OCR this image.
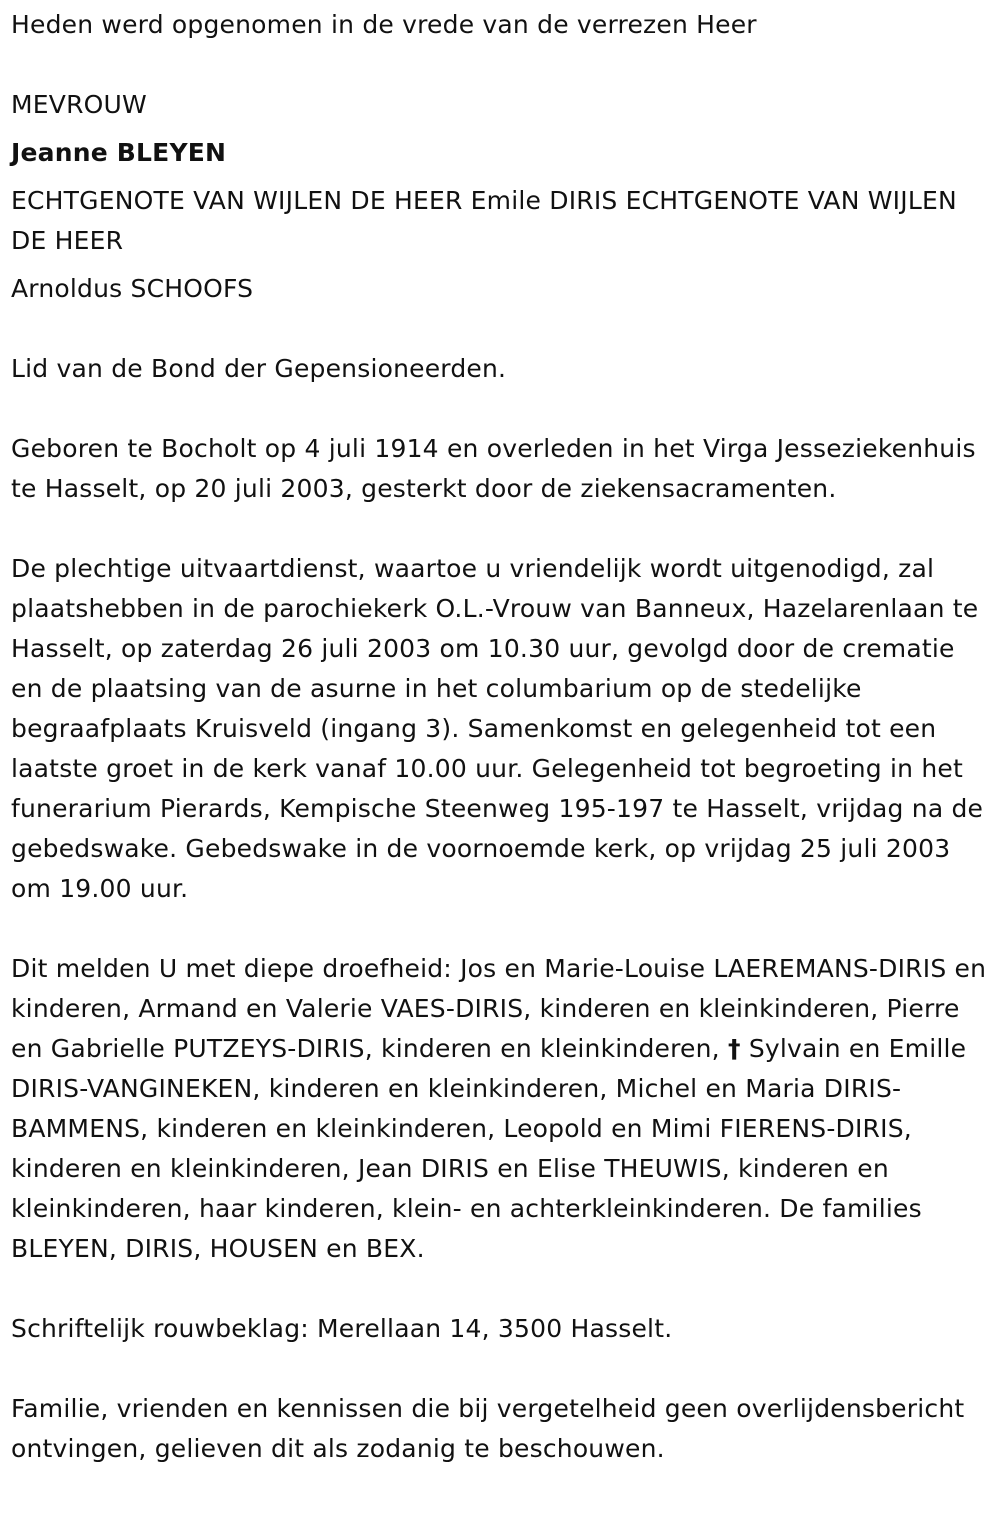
Heden werd opgenomen in de vrede van de verrezen Heer

MEVROUW

Jeanne BLEYEN

ECHTGENOTE VAN WIJLEN DE HEER Emile DIRIS ECHTGENOTE VAN WIJLEN DE HEER

Arnoldus SCHOOFS

Lid van de Bond der Gepensioneerden.

Geboren te Bocholt op 4 juli 1914 en overleden in het Virga Jesseziekenhuis te Hasselt, op 20 juli 2003, gesterkt door de ziekensacramenten.

De plechtige uitvaartdienst, waartoe u vriendelijk wordt uitgenodigd, zal plaatshebben in de parochiekerk O.L.-Vrouw van Banneux, Hazelarenlaan te Hasselt, op zaterdag 26 juli 2003 om 10.30 uur, gevolgd door de crematie en de plaatsing van de asurne in het columbarium op de stedelijke begraafplaats Kruisveld (ingang 3). Samenkomst en gelegenheid tot een laatste groet in de kerk vanaf 10.00 uur. Gelegenheid tot begroeting in het funerarium Pierards, Kempische Steenweg 195-197 te Hasselt, vrijdag na de gebedswake. Gebedswake in de voornoemde kerk, op vrijdag 25 juli 2003 om 19.00 uur.

Dit melden U met diepe droefheid: Jos en Marie-Louise LAEREMANS-DIRIS en kinderen, Armand en Valerie VAES-DIRIS, kinderen en kleinkinderen, Pierre en Gabrielle PUTZEYS-DIRIS, kinderen en kleinkinderen, † Sylvain en Emille DIRIS-VANGINEKEN, kinderen en kleinkinderen, Michel en Maria DIRIS-BAMMENS, kinderen en kleinkinderen, Leopold en Mimi FIERENS-DIRIS, kinderen en kleinkinderen, Jean DIRIS en Elise THEUWIS, kinderen en kleinkinderen, haar kinderen, klein- en achterkleinkinderen. De families BLEYEN, DIRIS, HOUSEN en BEX.

Schriftelijk rouwbeklag: Merellaan 14, 3500 Hasselt.

Familie, vrienden en kennissen die bij vergetelheid geen overlijdensbericht ontvingen, gelieven dit als zodanig te beschouwen.
